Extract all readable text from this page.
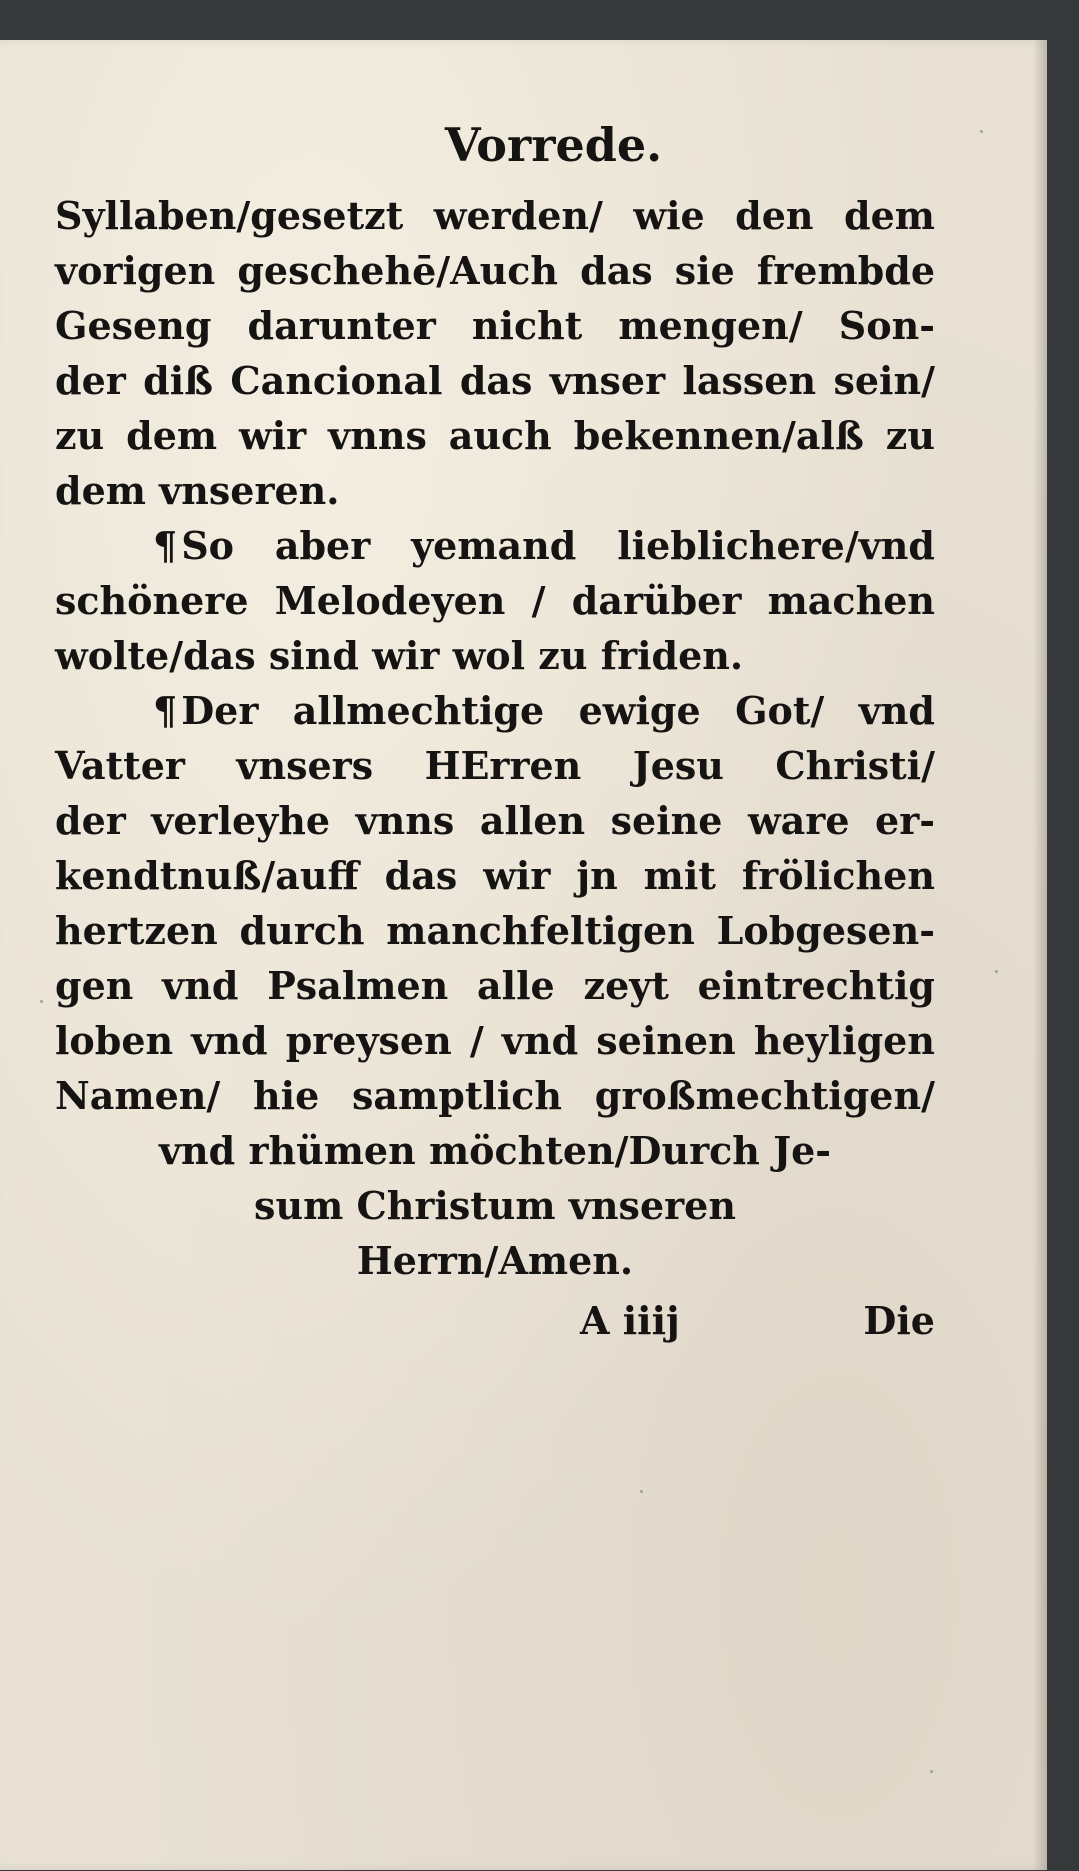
Vorrede.
Syllaben/gesetzt werden/ wie den dem
vorigen geschehē/Auch das sie frembde
Geseng darunter nicht mengen/ Son-
der diß Cancional das vnser lassen sein/
zu dem wir vnns auch bekennen/alß zu
dem vnseren.
¶ So aber yemand lieblichere/vnd
schönere Melodeyen / darüber machen
wolte/das sind wir wol zu friden.
¶ Der allmechtige ewige Got/ vnd
Vatter vnsers HErren Jesu Christi/
der verleyhe vnns allen seine ware er-
kendtnuß/auff das wir jn mit frölichen
hertzen durch manchfeltigen Lobgesen-
gen vnd Psalmen alle zeyt eintrechtig
loben vnd preysen / vnd seinen heyligen
Namen/ hie samptlich großmechtigen/
vnd rhümen möchten/Durch Je-
sum Christum vnseren
Herrn/Amen.
A iiij	Die
